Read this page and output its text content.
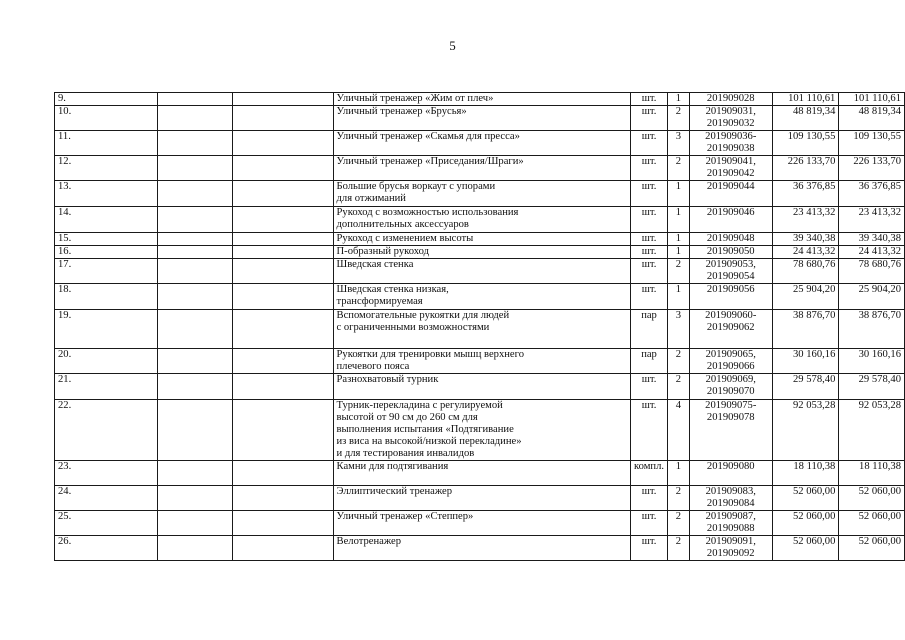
5
9.			Уличный тренажер «Жим от плеч»	шт.	1	201909028	101 110,61	101 110,61
10.			Уличный тренажер «Брусья»	шт.	2	201909031,
201909032	48 819,34	48 819,34
11.			Уличный тренажер «Скамья для пресса»	шт.	3	201909036-
201909038	109 130,55	109 130,55
12.			Уличный тренажер «Приседания/Шраги»	шт.	2	201909041,
201909042	226 133,70	226 133,70
13.			Большие брусья воркаут с упорами
для отжиманий	шт.	1	201909044	36 376,85	36 376,85
14.			Рукоход с возможностью использования
дополнительных аксессуаров	шт.	1	201909046	23 413,32	23 413,32
15.			Рукоход с изменением высоты	шт.	1	201909048	39 340,38	39 340,38
16.			П-образный рукоход	шт.	1	201909050	24 413,32	24 413,32
17.			Шведская стенка	шт.	2	201909053,
201909054	78 680,76	78 680,76
18.			Шведская стенка низкая,
трансформируемая	шт.	1	201909056	25 904,20	25 904,20
19.			Вспомогательные рукоятки для людей
с ограниченными возможностями	пар	3	201909060-
201909062	38 876,70	38 876,70
20.			Рукоятки для тренировки мышц верхнего
плечевого пояса	пар	2	201909065,
201909066	30 160,16	30 160,16
21.			Разнохватовый турник	шт.	2	201909069,
201909070	29 578,40	29 578,40
22.			Турник-перекладина с регулируемой
высотой от 90 см до 260 см для
выполнения испытания «Подтягивание
из виса на высокой/низкой перекладине»
и для тестирования инвалидов	шт.	4	201909075-
201909078	92 053,28	92 053,28
23.			Камни для подтягивания	компл.	1	201909080	18 110,38	18 110,38
24.			Эллиптический тренажер	шт.	2	201909083,
201909084	52 060,00	52 060,00
25.			Уличный тренажер «Степпер»	шт.	2	201909087,
201909088	52 060,00	52 060,00
26.			Велотренажер	шт.	2	201909091,
201909092	52 060,00	52 060,00
